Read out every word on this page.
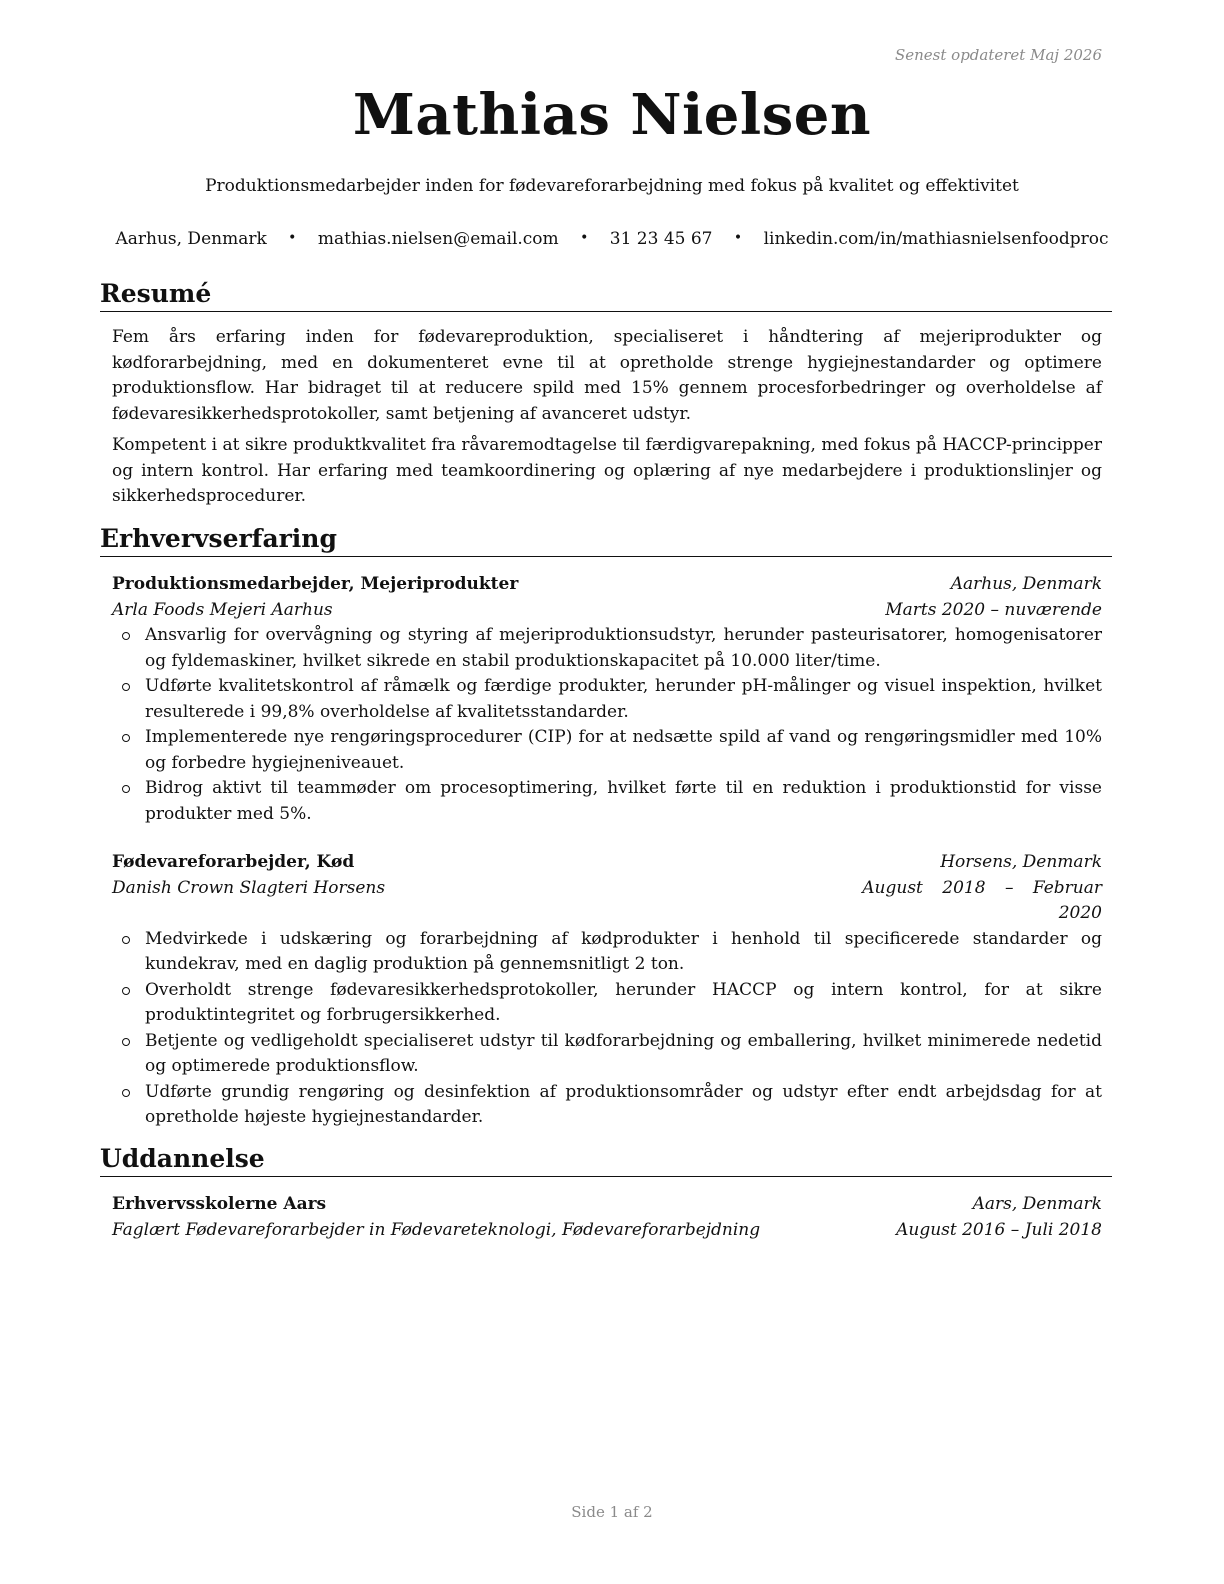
Senest opdateret Maj 2026
Mathias Nielsen
Produktionsmedarbejder inden for fødevareforarbejdning med fokus på kvalitet og effektivitet
Aarhus, Denmark • mathias.nielsen@email.com • 31 23 45 67 • linkedin.com/in/mathiasnielsenfoodproc
Resumé

Fem års erfaring inden for fødevareproduktion, specialiseret i håndtering af mejeriprodukter og kødforarbejdning, med en dokumenteret evne til at opretholde strenge hygiejnestandarder og optimere produktionsflow. Har bidraget til at reducere spild med 15% gennem procesforbedringer og overholdelse af fødevaresikkerhedsprotokoller, samt betjening af avanceret udstyr.

Kompetent i at sikre produktkvalitet fra råvaremodtagelse til færdigvarepakning, med fokus på HACCP-principper og intern kontrol. Har erfaring med teamkoordinering og oplæring af nye medarbejdere i produktionslinjer og sikkerhedsprocedurer.

Erhvervserfaring
Produktionsmedarbejder, Mejeriprodukter	Aarhus, Denmark
Arla Foods Mejeri Aarhus	Marts 2020 – nuværende
Ansvarlig for overvågning og styring af mejeriproduktionsudstyr, herunder pasteurisatorer, homogenisatorer og fyldemaskiner, hvilket sikrede en stabil produktionskapacitet på 10.000 liter/time.
Udførte kvalitetskontrol af råmælk og færdige produkter, herunder pH-målinger og visuel inspektion, hvilket resulterede i 99,8% overholdelse af kvalitetsstandarder.
Implementerede nye rengøringsprocedurer (CIP) for at nedsætte spild af vand og rengøringsmidler med 10% og forbedre hygiejneniveauet.
Bidrog aktivt til teammøder om procesoptimering, hvilket førte til en reduktion i produktionstid for visse produkter med 5%.
Fødevareforarbejder, Kød	Horsens, Denmark
Danish Crown Slagteri Horsens	August 2018 – Februar
2020
Medvirkede i udskæring og forarbejdning af kødprodukter i henhold til specificerede standarder og kundekrav, med en daglig produktion på gennemsnitligt 2 ton.
Overholdt strenge fødevaresikkerhedsprotokoller, herunder HACCP og intern kontrol, for at sikre produktintegritet og forbrugersikkerhed.
Betjente og vedligeholdt specialiseret udstyr til kødforarbejdning og emballering, hvilket minimerede nedetid og optimerede produktionsflow.
Udførte grundig rengøring og desinfektion af produktionsområder og udstyr efter endt arbejdsdag for at opretholde højeste hygiejnestandarder.
Uddannelse
Erhvervsskolerne Aars	Aars, Denmark
Faglært Fødevareforarbejder in Fødevareteknologi, Fødevareforarbejdning	August 2016 – Juli 2018
Side 1 af 2
